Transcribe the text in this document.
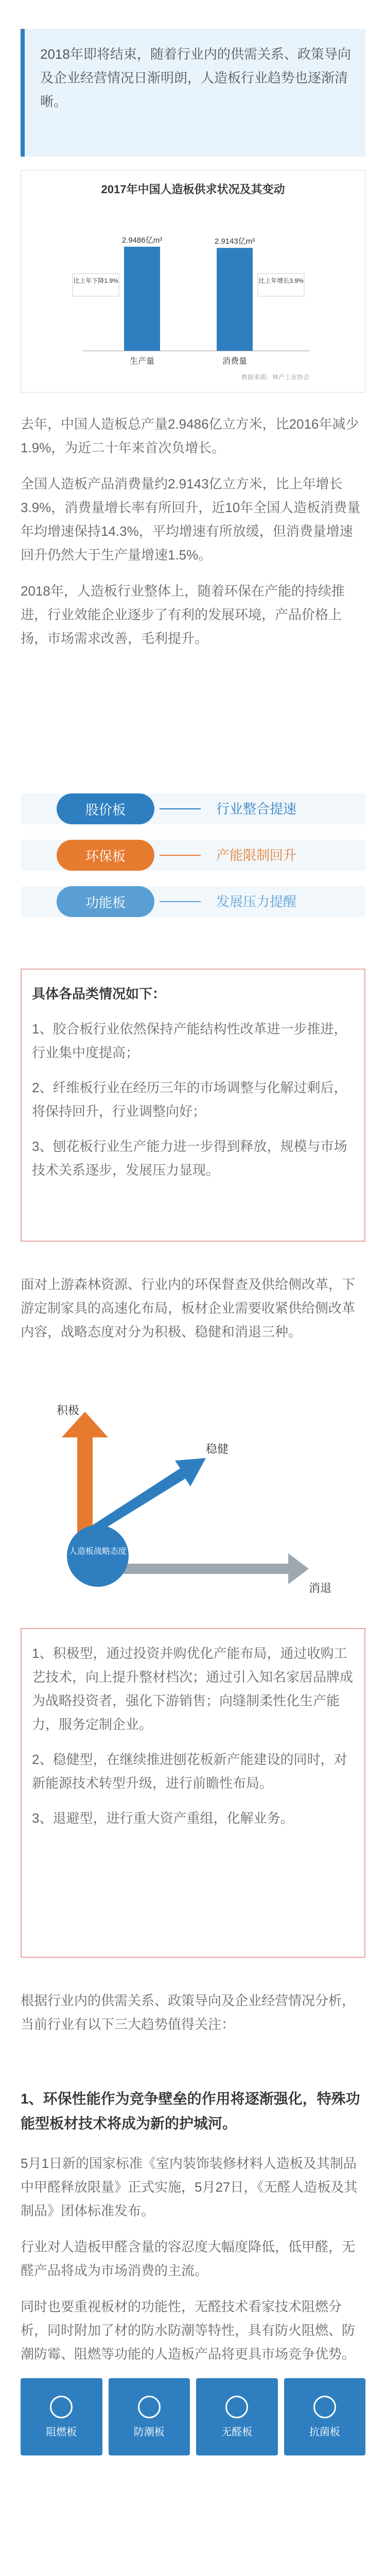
2018年即将结束，随着行业内的供需关系、政策导向及企业经营情况日渐明朗，人造板行业趋势也逐渐清晰。

2017年中国人造板供求状况及其变动
2.9486亿m³	2.9143亿m³
生产量	消费量
比上年下降1.9%	比上年增长3.9%
数据来源：林产工业协会

去年，中国人造板总产量2.9486亿立方米，比2016年减少1.9%，为近二十年来首次负增长。

全国人造板产品消费量约2.9143亿立方米，比上年增长3.9%，消费量增长率有所回升，近10年全国人造板消费量年均增速保持14.3%，平均增速有所放缓，但消费量增速回升仍然大于生产量增速1.5%。

2018年，人造板行业整体上，随着环保在产能的持续推进，行业效能企业逐步了有利的发展环境，产品价格上扬，市场需求改善，毛利提升。

股价板	行业整合提速
环保板	产能限制回升
功能板	发展压力提醒

具体各品类情况如下：

1、胶合板行业依然保持产能结构性改革进一步推进，行业集中度提高；

2、纤维板行业在经历三年的市场调整与化解过剩后，将保持回升，行业调整向好；

3、刨花板行业生产能力进一步得到释放，规模与市场技术关系逐步，发展压力显现。

面对上游森林资源、行业内的环保督查及供给侧改革，下游定制家具的高速化布局，板材企业需要收紧供给侧改革内容，战略态度对分为积极、稳健和消退三种。

人造板战略态度
积极
稳健
消退

1、积极型，通过投资并购优化产能布局，通过收购工艺技术，向上提升整材档次；通过引入知名家居品牌成为战略投资者，强化下游销售；向缝制柔性化生产能力，服务定制企业。

2、稳健型，在继续推进刨花板新产能建设的同时，对新能源技术转型升级，进行前瞻性布局。

3、退避型，进行重大资产重组，化解业务。

根据行业内的供需关系、政策导向及企业经营情况分析，当前行业有以下三大趋势值得关注：

1、环保性能作为竞争壁垒的作用将逐渐强化，特殊功能型板材技术将成为新的护城河。

5月1日新的国家标准《室内装饰装修材料人造板及其制品中甲醛释放限量》正式实施，5月27日，《无醛人造板及其制品》团体标准发布。

行业对人造板甲醛含量的容忍度大幅度降低，低甲醛，无醛产品将成为市场消费的主流。

同时也要重视板材的功能性，无醛技术看家技术阻燃分析，同时附加了材的防水防潮等特性，具有防火阻燃、防潮防霉、阻燃等功能的人造板产品将更具市场竞争优势。

阻燃板	防潮板	无醛板	抗菌板
